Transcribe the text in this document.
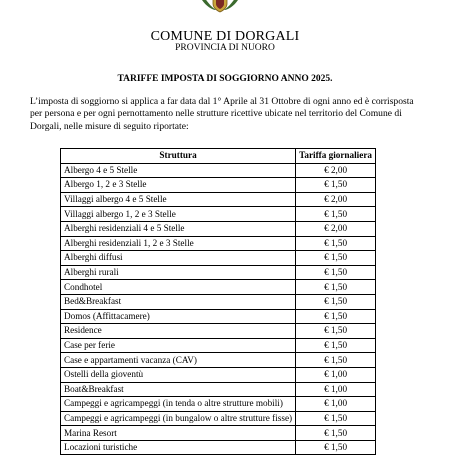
COMUNE DI DORGALI
PROVINCIA DI NUORO
TARIFFE IMPOSTA DI SOGGIORNO ANNO 2025.

L’imposta di soggiorno si applica a far data dal 1° Aprile al 31 Ottobre di ogni anno ed è corrisposta per persona e per ogni pernottamento nelle strutture ricettive ubicate nel territorio del Comune di Dorgali, nelle misure di seguito riportate:

Struttura	Tariffa giornaliera
Albergo 4 e 5 Stelle	€ 2,00
Albergo 1, 2 e 3 Stelle	€ 1,50
Villaggi albergo 4 e 5 Stelle	€ 2,00
Villaggi albergo 1, 2 e 3 Stelle	€ 1,50
Alberghi residenziali 4 e 5 Stelle	€ 2,00
Alberghi residenziali 1, 2 e 3 Stelle	€ 1,50
Alberghi diffusi	€ 1,50
Alberghi rurali	€ 1,50
Condhotel	€ 1,50
Bed&Breakfast	€ 1,50
Domos (Affittacamere)	€ 1,50
Residence	€ 1,50
Case per ferie	€ 1,50
Case e appartamenti vacanza (CAV)	€ 1,50
Ostelli della gioventù	€ 1,00
Boat&Breakfast	€ 1,00
Campeggi e agricampeggi (in tenda o altre strutture mobili)	€ 1,00
Campeggi e agricampeggi (in bungalow o altre strutture fisse)	€ 1,50
Marina Resort	€ 1,50
Locazioni turistiche	€ 1,50
